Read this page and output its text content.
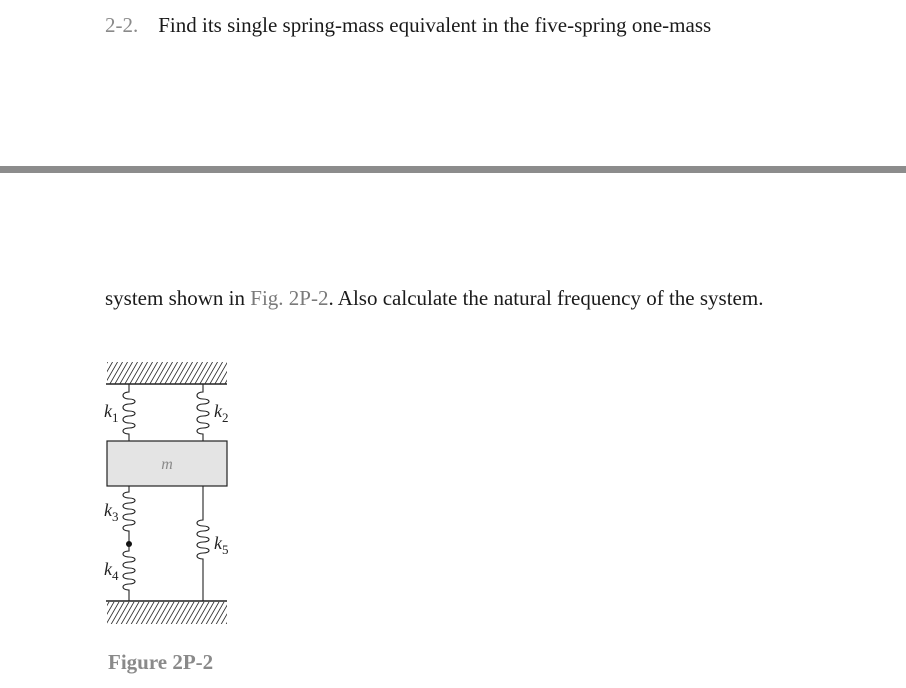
2-2. Find its single spring-mass equivalent in the five-spring one-mass
system shown in Fig. 2P-2. Also calculate the natural frequency of the system.
m
$k_1$	$k_2$
$k_3$
$k_4$
$k_5$
Figure 2P-2
